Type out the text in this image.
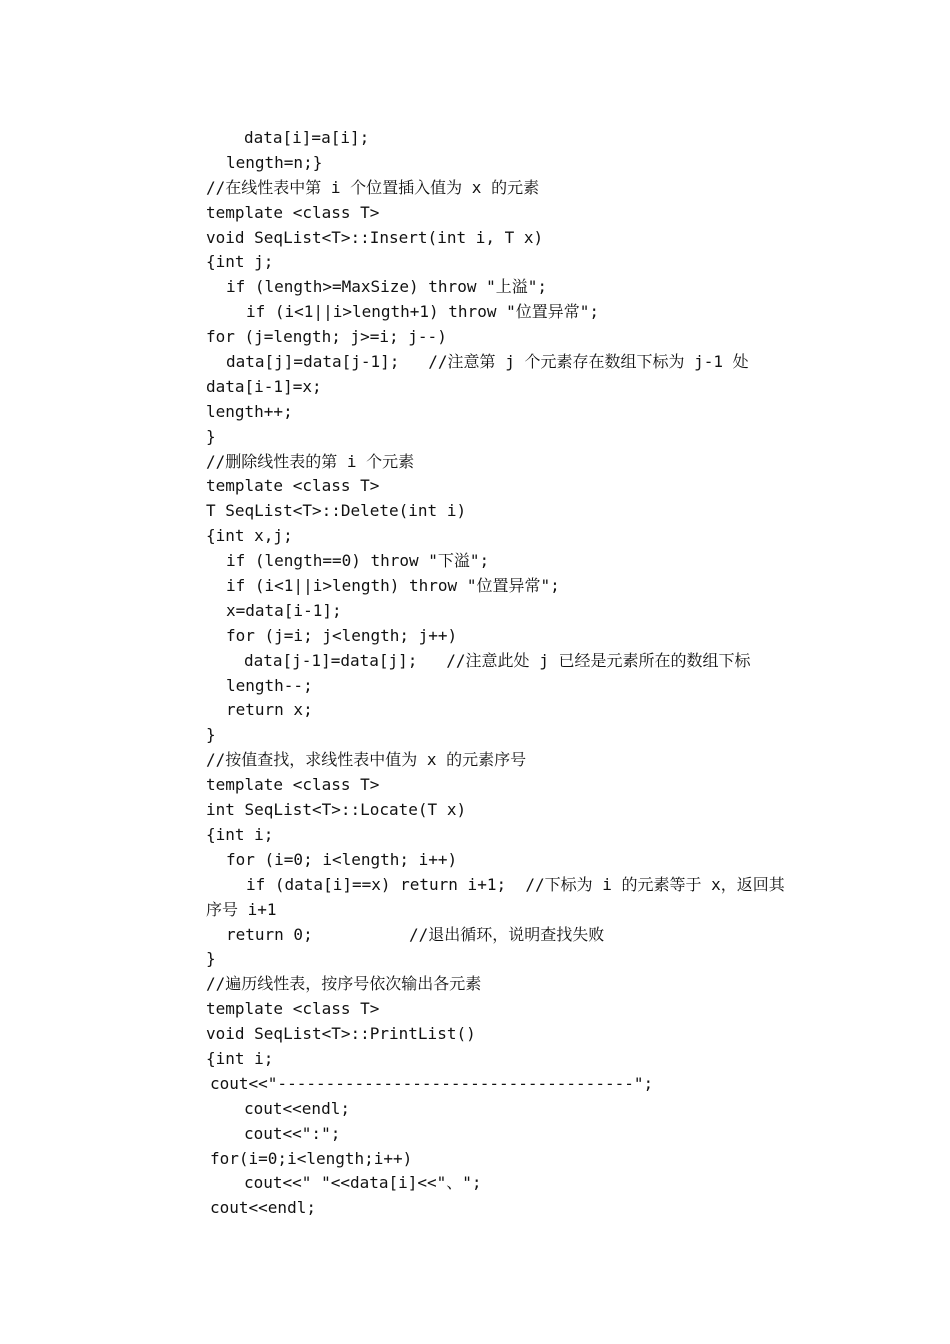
data[i]=a[i];
length=n;}
//在线性表中第 i 个位置插入值为 x 的元素
template <class T>
void SeqList<T>::Insert(int i, T x)
{int j;
if (length>=MaxSize) throw "上溢";
if (i<1||i>length+1) throw "位置异常";
for (j=length; j>=i; j--)
data[j]=data[j-1];   //注意第 j 个元素存在数组下标为 j-1 处
data[i-1]=x;
length++;
}
//删除线性表的第 i 个元素
template <class T>
T SeqList<T>::Delete(int i)
{int x,j;
if (length==0) throw "下溢";
if (i<1||i>length) throw "位置异常";
x=data[i-1];
for (j=i; j<length; j++)
data[j-1]=data[j];   //注意此处 j 已经是元素所在的数组下标
length--;
return x;
}
//按值查找，求线性表中值为 x 的元素序号
template <class T>
int SeqList<T>::Locate(T x)
{int i;
for (i=0; i<length; i++)
if (data[i]==x) return i+1;  //下标为 i 的元素等于 x，返回其
序号 i+1
return 0;          //退出循环，说明查找失败
}
//遍历线性表，按序号依次输出各元素
template <class T>
void SeqList<T>::PrintList()
{int i;
cout<<"-------------------------------------";
cout<<endl;
cout<<":";
for(i=0;i<length;i++)
cout<<" "<<data[i]<<"、";
cout<<endl;
